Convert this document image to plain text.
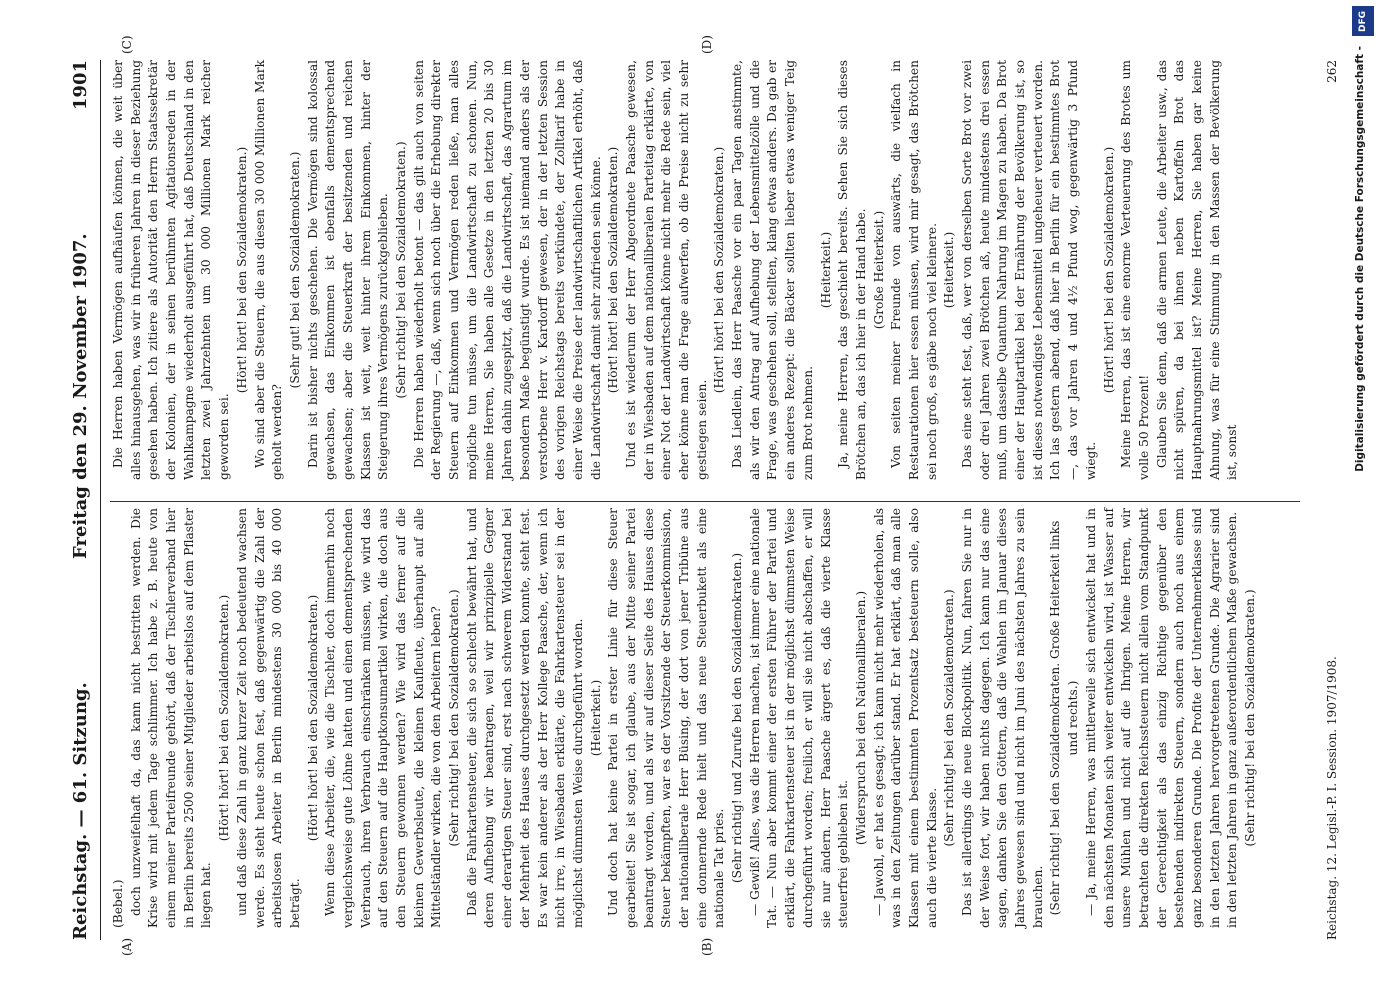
Reichstag. — 61. Sitzung.
Freitag den 29. November 1907.
1901
(A)	(B)
(C)	(D)

(Bebel.) doch unzweifelhaft da, das kann nicht bestritten werden. Die Krise wird mit jedem Tage schlimmer. Ich habe z. B. heute von einem meiner Parteifreunde gehört, daß der Tischlerverband hier in Berlin bereits 2500 seiner Mitglieder arbeitslos auf dem Pflaster liegen hat.

(Hört! hört! bei den Sozialdemokraten.) und daß diese Zahl in ganz kurzer Zeit noch bedeutend wachsen werde. Es steht heute schon fest, daß gegenwärtig die Zahl der arbeitslosen Arbeiter in Berlin mindestens 30 000 bis 40 000 beträgt.

(Hört! hört! bei den Sozialdemokraten.) Wenn diese Arbeiter, die, wie die Tischler, doch immerhin noch vergleichsweise gute Löhne hatten und einen dementsprechenden Verbrauch, ihren Verbrauch einschränken müssen, wie wird das auf den Steuern auf die Hauptkonsumartikel wirken, die doch aus den Steuern gewonnen werden? Wie wird das ferner auf die kleinen Gewerbsleute, die kleinen Kaufleute, überhaupt auf alle Mittelständler wirken, die von den Arbeitern leben? (Sehr richtig! bei den Sozialdemokraten.) Daß die Fahrkartensteuer, die sich so schlecht bewährt hat, und deren Aufhebung wir beantragen, weil wir prinzipielle Gegner einer derartigen Steuer sind, erst nach schwerem Widerstand bei der Mehrheit des Hauses durchgesetzt werden konnte, steht fest. Es war kein anderer als der Herr Kollege Paasche, der, wenn ich nicht irre, in Wiesbaden erklärte, die Fahrkartensteuer sei in der möglichst dümmsten Weise durchgeführt worden. (Heiterkeit.) Und doch hat keine Partei in erster Linie für diese Steuer gearbeitet! Sie ist sogar, ich glaube, aus der Mitte seiner Partei beantragt worden, und als wir auf dieser Seite des Hauses diese Steuer bekämpften, war es der Vorsitzende der Steuerkommission, der nationalliberale Herr Büsing, der dort von jener Tribüne aus eine donnernde Rede hielt und das neue Steuerbukett als eine nationale Tat pries. (Sehr richtig! und Zurufe bei den Sozialdemokraten.) — Gewiß! Alles, was die Herren machen, ist immer eine nationale Tat. — Nun aber kommt einer der ersten Führer der Partei und erklärt, die Fahrkartensteuer ist in der möglichst dümmsten Weise durchgeführt worden; freilich, er will sie nicht abschaffen, er will sie nur ändern. Herr Paasche ärgert es, daß die vierte Klasse steuerfrei geblieben ist.

(Widerspruch bei den Nationalliberalen.) — Jawohl, er hat es gesagt; ich kann nicht mehr wiederholen, als was in den Zeitungen darüber stand. Er hat erklärt, daß man alle Klassen mit einem bestimmten Prozentsatz besteuern solle, also auch die vierte Klasse.

(Sehr richtig! bei den Sozialdemokraten.) Das ist allerdings die neue Blockpolitik. Nun, fahren Sie nur in der Weise fort, wir haben nichts dagegen. Ich kann nur das eine sagen, danken Sie den Göttern, daß die Wahlen im Januar dieses Jahres gewesen sind und nicht im Juni des nächsten Jahres zu sein brauchen. (Sehr richtig! bei den Sozialdemokraten. Große Heiterkeit links und rechts.) — Ja, meine Herren, was mittlerweile sich entwickelt hat und in den nächsten Monaten sich weiter entwickeln wird, ist Wasser auf unsere Mühlen und nicht auf die Ihrigen. Meine Herren, wir betrachten die direkten Reichssteuern nicht allein vom Standpunkt der Gerechtigkeit als das einzig Richtige gegenüber den bestehenden indirekten Steuern, sondern auch noch aus einem ganz besonderen Grunde. Die Profite der Unternehmerklasse sind in den letzten Jahren hervorgetretenen Grunde. Die Agrarier sind in den letzten Jahren in ganz außerordentlichem Maße gewachsen. (Sehr richtig! bei den Sozialdemokraten.)

Die Herren haben Vermögen aufhäufen können, die weit über alles hinausgehen, was wir in früheren Jahren in dieser Beziehung gesehen haben. Ich zitiere als Autorität den Herrn Staatssekretär der Kolonien, der in seinen berühmten Agitationsreden in der Wahlkampagne wiederholt ausgeführt hat, daß Deutschland in den letzten zwei Jahrzehnten um 30 000 Millionen Mark reicher geworden sei.

(Hört! hört! bei den Sozialdemokraten.) Wo sind aber die Steuern, die aus diesen 30 000 Millionen Mark geholt werden?

(Sehr gut! bei den Sozialdemokraten.) Darin ist bisher nichts geschehen. Die Vermögen sind kolossal gewachsen, das Einkommen ist ebenfalls dementsprechend gewachsen; aber die Steuerkraft der besitzenden und reichen Klassen ist weit, weit hinter ihrem Einkommen, hinter der Steigerung ihres Vermögens zurückgeblieben. (Sehr richtig! bei den Sozialdemokraten.) Die Herren haben wiederholt betont — das gilt auch von seiten der Regierung —, daß, wenn sich noch über die Erhebung direkter Steuern auf Einkommen und Vermögen reden ließe, man alles mögliche tun müsse, um die Landwirtschaft zu schonen. Nun, meine Herren, Sie haben alle Gesetze in den letzten 20 bis 30 Jahren dahin zugespitzt, daß die Landwirtschaft, das Agrartum im besondern Maße begünstigt wurde. Es ist niemand anders als der verstorbene Herr v. Kardorff gewesen, der in der letzten Session des vorigen Reichstags bereits verkündete, der Zolltarif habe in einer Weise die Preise der landwirtschaftlichen Artikel erhöht, daß die Landwirtschaft damit sehr zufrieden sein könne. (Hört! hört! bei den Sozialdemokraten.) Und es ist wiederum der Herr Abgeordnete Paasche gewesen, der in Wiesbaden auf dem nationalliberalen Parteitag erklärte, von einer Not der Landwirtschaft könne nicht mehr die Rede sein, viel eher könne man die Frage aufwerfen, ob die Preise nicht zu sehr gestiegen seien.

(Hört! hört! bei den Sozialdemokraten.) Das Liedlein, das Herr Paasche vor ein paar Tagen anstimmte, als wir den Antrag auf Aufhebung der Lebensmittelzölle und die Frage, was geschehen soll, stellten, klang etwas anders. Da gab er ein anderes Rezept: die Bäcker sollten lieber etwas weniger Teig zum Brot nehmen.

(Heiterkeit.) Ja, meine Herren, das geschieht bereits. Sehen Sie sich dieses Brötchen an, das ich hier in der Hand habe. (Große Heiterkeit.) Von seiten meiner Freunde von auswärts, die vielfach in Restaurationen hier essen müssen, wird mir gesagt, das Brötchen sei noch groß, es gäbe noch viel kleinere. (Heiterkeit.) Das eine steht fest, daß, wer von derselben Sorte Brot vor zwei oder drei Jahren zwei Brötchen aß, heute mindestens drei essen muß, um dasselbe Quantum Nahrung im Magen zu haben. Da Brot einer der Hauptartikel bei der Ernährung der Bevölkerung ist, so ist dieses notwendigste Lebensmittel ungeheuer verteuert worden. Ich las gestern abend, daß hier in Berlin für ein bestimmtes Brot —, das vor Jahren 4 und 4½ Pfund wog, gegenwärtig 3 Pfund wiegt.

(Hört! hört! bei den Sozialdemokraten.) Meine Herren, das ist eine enorme Verteuerung des Brotes um volle 50 Prozent! Glauben Sie denn, daß die armen Leute, die Arbeiter usw., das nicht spüren, da bei ihnen neben Kartoffeln Brot das Hauptnahrungsmittel ist? Meine Herren, Sie haben gar keine Ahnung, was für eine Stimmung in den Massen der Bevölkerung ist, sonst

Reichstag. 12. Legisl.-P. I. Session. 1907/1908.
262
DFG
Digitalisierung gefördert durch die Deutsche Forschungsgemeinschaft -
